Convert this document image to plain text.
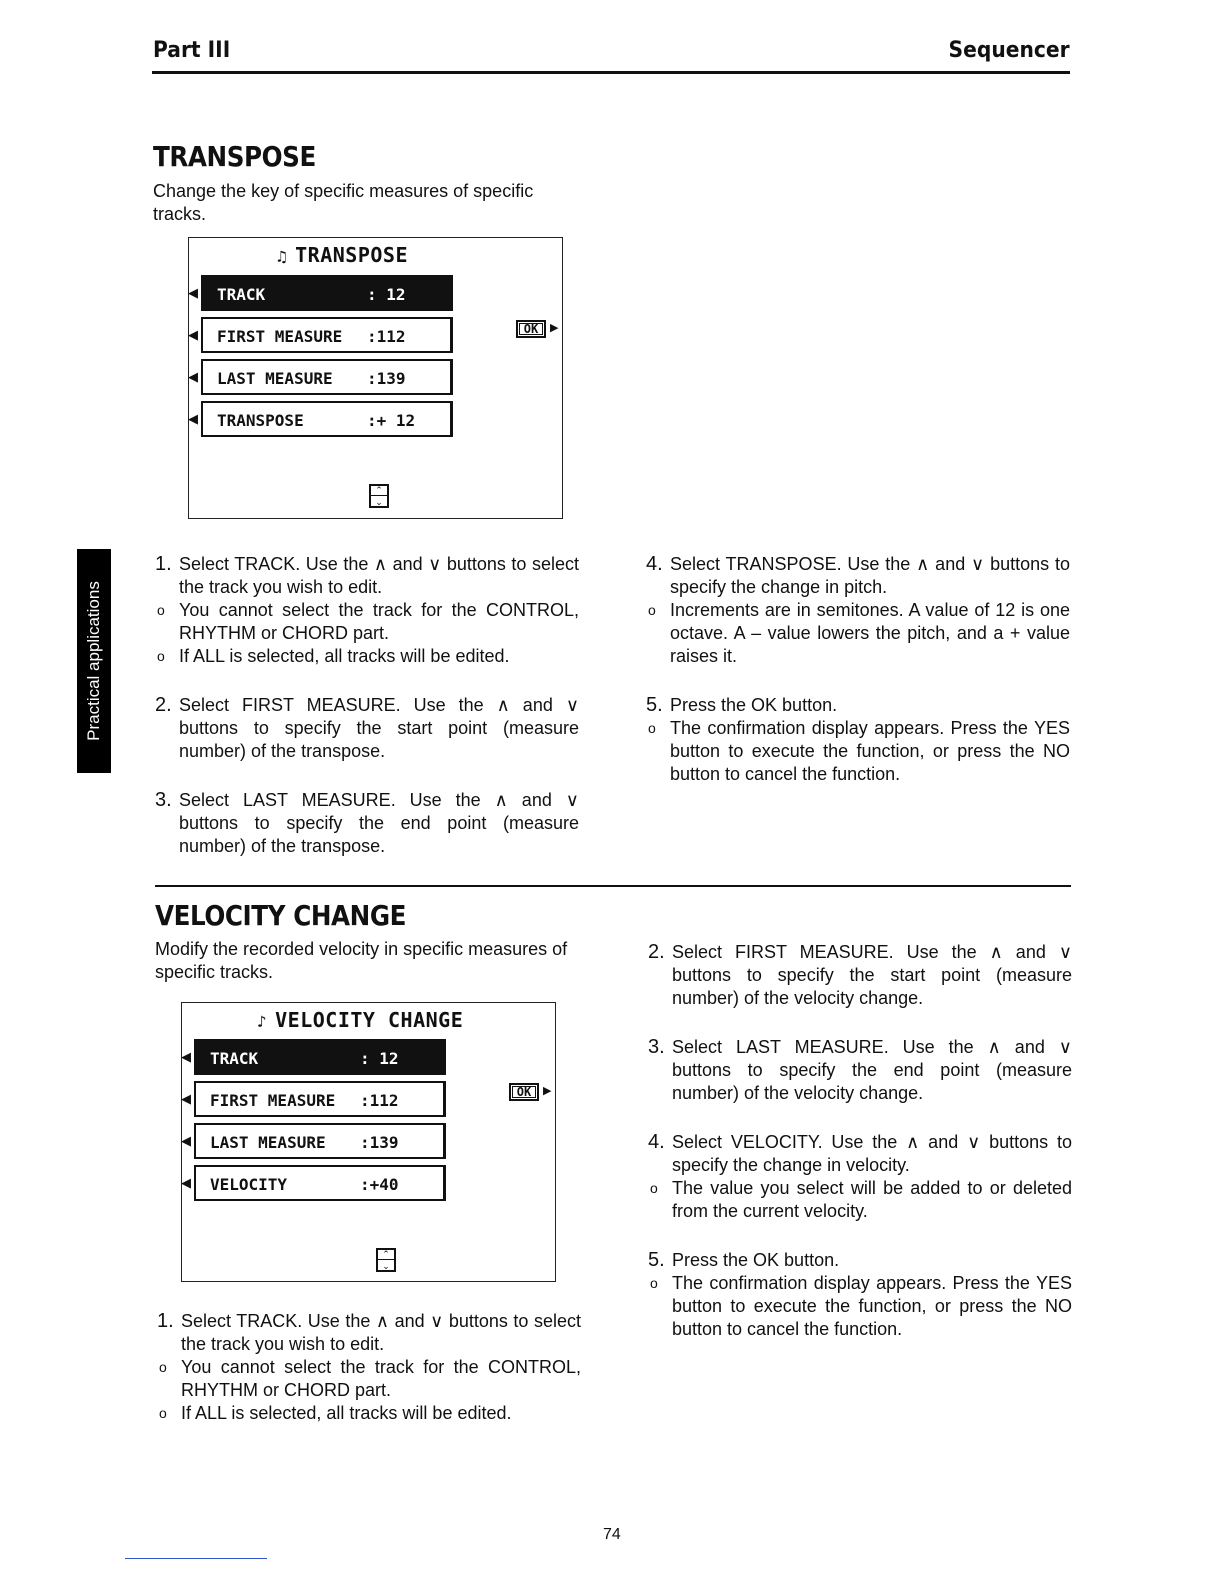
Part III	Sequencer
Practical applications
TRANSPOSE
Change the key of specific measures of specific tracks.
♫ TRANSPOSE
◀ TRACK	: 12
◀ FIRST MEASURE :112
◀ LAST MEASURE :139
◀ TRANSPOSE	:+ 12
OK	▶
⌃
⌄
1. Select TRACK. Use the ∧ and ∨ buttons to select the track you wish to edit.
o You cannot select the track for the CONTROL, RHYTHM or CHORD part.
o If ALL is selected, all tracks will be edited.
2. Select FIRST MEASURE. Use the ∧ and ∨ buttons to specify the start point (measure number) of the transpose.
3. Select LAST MEASURE. Use the ∧ and ∨ buttons to specify the end point (measure number) of the transpose.
4. Select TRANSPOSE. Use the ∧ and ∨ buttons to specify the change in pitch.
o Increments are in semitones. A value of 12 is one octave. A – value lowers the pitch, and a + value raises it.
5. Press the OK button.
o The confirmation display appears. Press the YES button to execute the function, or press the NO button to cancel the function.
VELOCITY CHANGE
Modify the recorded velocity in specific measures of specific tracks.
♪ VELOCITY CHANGE
◀ TRACK	: 12
◀ FIRST MEASURE :112
◀ LAST MEASURE :139
◀ VELOCITY	:+40
OK	▶
⌃
⌄
1. Select TRACK. Use the ∧ and ∨ buttons to select the track you wish to edit.
o You cannot select the track for the CONTROL, RHYTHM or CHORD part.
o If ALL is selected, all tracks will be edited.
2. Select FIRST MEASURE. Use the ∧ and ∨ buttons to specify the start point (measure number) of the velocity change.
3. Select LAST MEASURE. Use the ∧ and ∨ buttons to specify the end point (measure number) of the velocity change.
4. Select VELOCITY. Use the ∧ and ∨ buttons to specify the change in velocity.
o The value you select will be added to or deleted from the current velocity.
5. Press the OK button.
o The confirmation display appears. Press the YES button to execute the function, or press the NO button to cancel the function.
74
